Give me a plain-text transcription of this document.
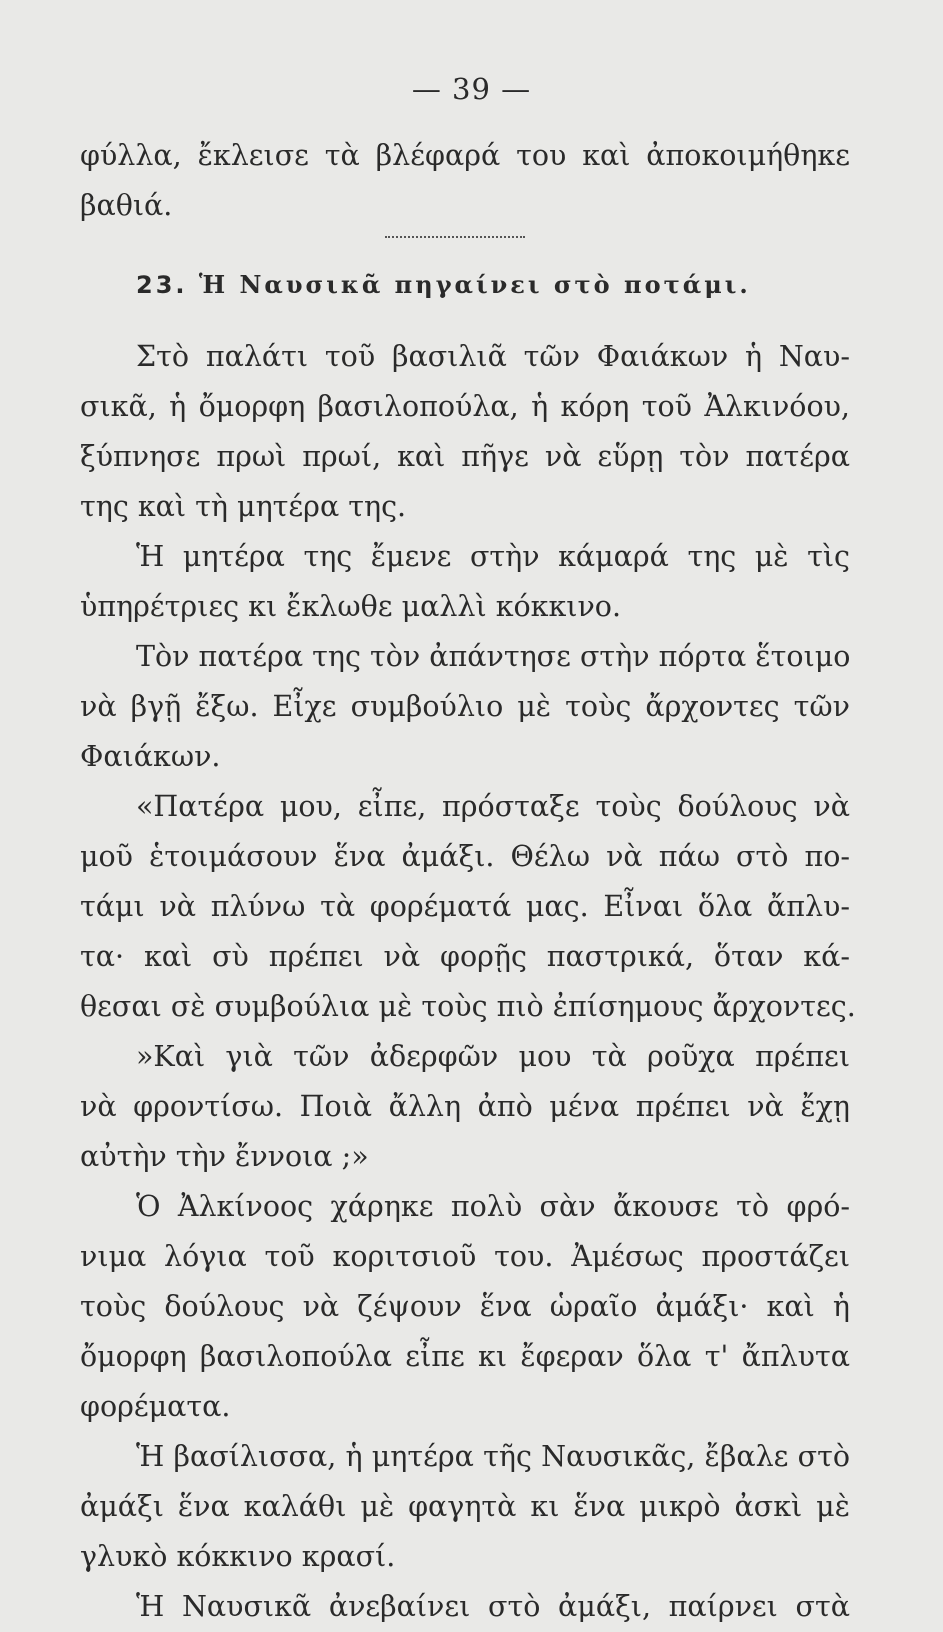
— 39 —
φύλλα, ἔκλεισε τὰ βλέφαρά του καὶ ἀποκοιμήθηκε
βαθιά.
23. Ἡ Ναυσικᾶ πηγαίνει στὸ ποτάμι.
Στὸ παλάτι τοῦ βασιλιᾶ τῶν Φαιάκων ἡ Ναυ-
σικᾶ, ἡ ὄμορφη βασιλοπούλα, ἡ κόρη τοῦ Ἀλκινόου,
ξύπνησε πρωὶ πρωί, καὶ πῆγε νὰ εὕρῃ τὸν πατέρα
της καὶ τὴ μητέρα της.
Ἡ μητέρα της ἔμενε στὴν κάμαρά της μὲ τὶς
ὑπηρέτριες κι ἔκλωθε μαλλὶ κόκκινο.
Τὸν πατέρα της τὸν ἀπάντησε στὴν πόρτα ἕτοιμο
νὰ βγῇ ἔξω. Εἶχε συμβούλιο μὲ τοὺς ἄρχοντες τῶν
Φαιάκων.
«Πατέρα μου, εἶπε, πρόσταξε τοὺς δούλους νὰ
μοῦ ἑτοιμάσουν ἕνα ἀμάξι. Θέλω νὰ πάω στὸ πο-
τάμι νὰ πλύνω τὰ φορέματά μας. Εἶναι ὅλα ἄπλυ-
τα· καὶ σὺ πρέπει νὰ φορῇς παστρικά, ὅταν κά-
θεσαι σὲ συμβούλια μὲ τοὺς πιὸ ἐπίσημους ἄρχοντες.
»Καὶ γιὰ τῶν ἀδερφῶν μου τὰ ροῦχα πρέπει
νὰ φροντίσω. Ποιὰ ἄλλη ἀπὸ μένα πρέπει νὰ ἔχῃ
αὐτὴν τὴν ἔννοια ;»
Ὁ Ἀλκίνοος χάρηκε πολὺ σὰν ἄκουσε τὸ φρό-
νιμα λόγια τοῦ κοριτσιοῦ του. Ἀμέσως προστάζει
τοὺς δούλους νὰ ζέψουν ἕνα ὡραῖο ἀμάξι· καὶ ἡ
ὄμορφη βασιλοπούλα εἶπε κι ἔφεραν ὅλα τ' ἄπλυτα
φορέματα.
Ἡ βασίλισσα, ἡ μητέρα τῆς Ναυσικᾶς, ἔβαλε στὸ
ἀμάξι ἕνα καλάθι μὲ φαγητὰ κι ἕνα μικρὸ ἀσκὶ μὲ
γλυκὸ κόκκινο κρασί.
Ἡ Ναυσικᾶ ἀνεβαίνει στὸ ἀμάξι, παίρνει στὰ
